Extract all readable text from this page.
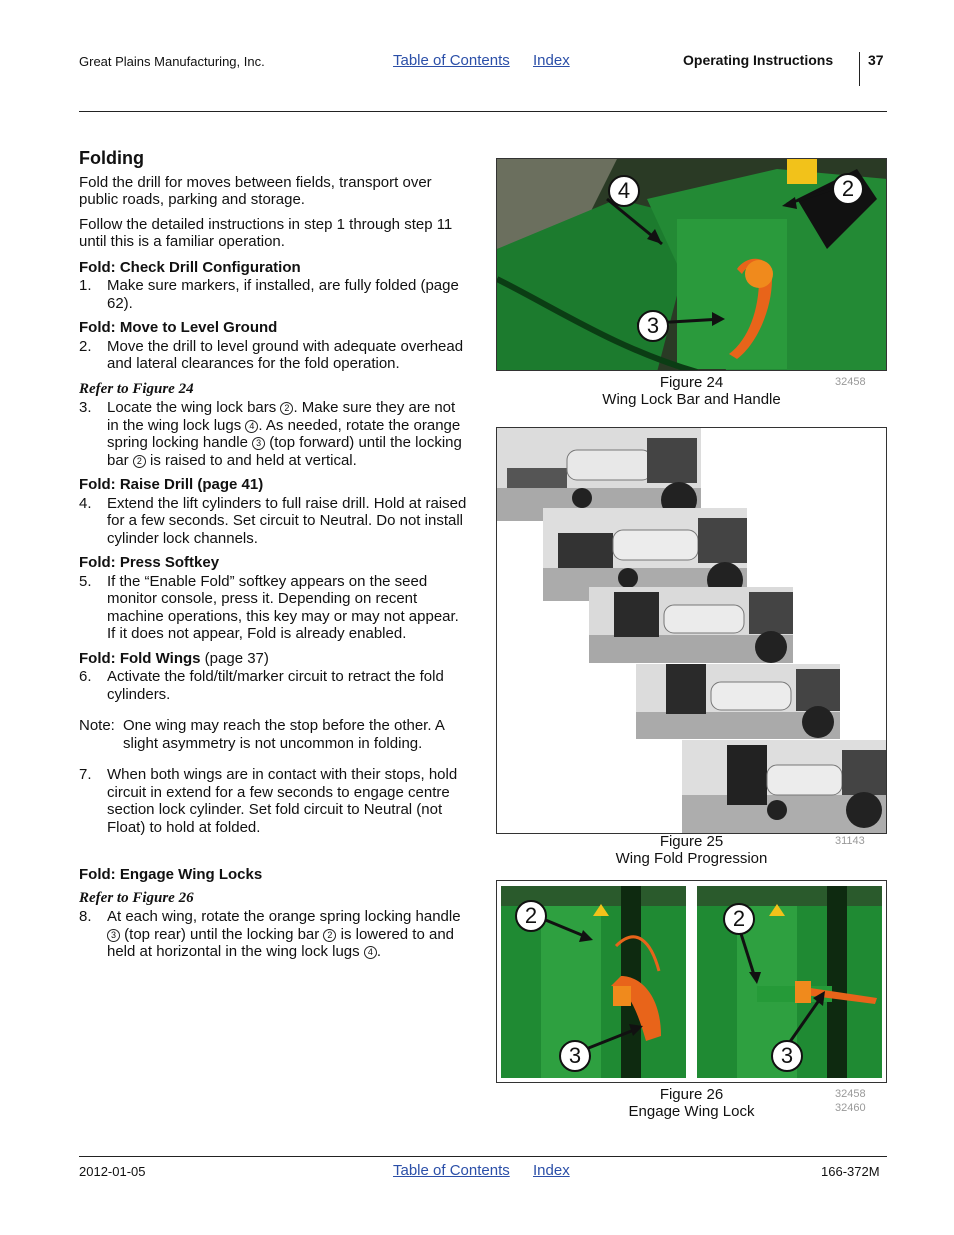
Great Plains Manufacturing, Inc.	Table of Contents Index	Operating Instructions 37
Folding

Fold the drill for moves between fields, transport over public roads, parking and storage.

Follow the detailed instructions in step 1 through step 11 until this is a familiar operation.

Fold: Check Drill Configuration
1.	Make sure markers, if installed, are fully folded (page 62).
Fold: Move to Level Ground
2.	Move the drill to level ground with adequate overhead and lateral clearances for the fold operation.
Refer to Figure 24
3.	Locate the wing lock bars 2 . Make sure they are not in the wing lock lugs 4 . As needed, rotate the orange spring locking handle 3 (top forward) until the locking bar 2 is raised to and held at vertical.
Fold: Raise Drill (page 41)
4.	Extend the lift cylinders to full raise drill. Hold at raised for a few seconds. Set circuit to Neutral. Do not install cylinder lock channels.
Fold: Press Softkey
5.	If the “Enable Fold” softkey appears on the seed monitor console, press it. Depending on recent machine operations, this key may or may not appear. If it does not appear, Fold is already enabled.
Fold: Fold Wings (page 37)
6.	Activate the fold/tilt/marker circuit to retract the fold cylinders.
Note: One wing may reach the stop before the other. A slight asymmetry is not uncommon in folding.
7.	When both wings are in contact with their stops, hold circuit in extend for a few seconds to engage centre section lock cylinder. Set fold circuit to Neutral (not Float) to hold at folded.
Fold: Engage Wing Locks
Refer to Figure 26
8.	At each wing, rotate the orange spring locking handle 3 (top rear) until the locking bar 2 is lowered to and held at horizontal in the wing lock lugs 4 .
4	2
3
Figure 24
Wing Lock Bar and Handle
32458
Figure 25
Wing Fold Progression
31143
2
3
2
3
Figure 26
Engage Wing Lock
32458
32460
2012-01-05	Table of Contents Index	166-372M
